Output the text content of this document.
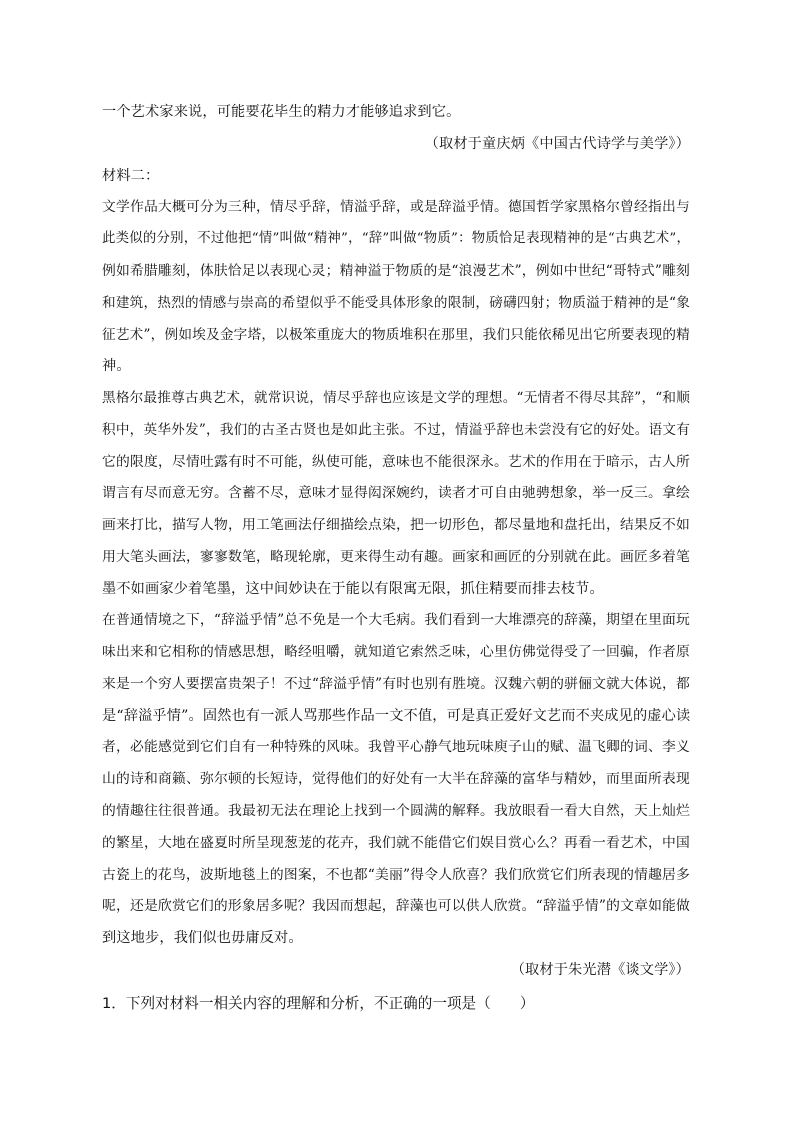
一个艺术家来说，可能要花毕生的精力才能够追求到它。
（取材于童庆炳《中国古代诗学与美学》）
材料二：
文学作品大概可分为三种，情尽乎辞，情溢乎辞，或是辞溢乎情。德国哲学家黑格尔曾经指出与
此类似的分别，不过他把“情”叫做“精神”，“辞”叫做“物质”：物质恰足表现精神的是“古典艺术”，
例如希腊雕刻，体肤恰足以表现心灵；精神溢于物质的是“浪漫艺术”，例如中世纪“哥特式”雕刻
和建筑，热烈的情感与崇高的希望似乎不能受具体形象的限制，磅礴四射；物质溢于精神的是“象
征艺术”，例如埃及金字塔，以极笨重庞大的物质堆积在那里，我们只能依稀见出它所要表现的精
神。
黑格尔最推尊古典艺术，就常识说，情尽乎辞也应该是文学的理想。“无情者不得尽其辞”，“和顺
积中，英华外发”，我们的古圣古贤也是如此主张。不过，情溢乎辞也未尝没有它的好处。语文有
它的限度，尽情吐露有时不可能，纵使可能，意味也不能很深永。艺术的作用在于暗示，古人所
谓言有尽而意无穷。含蓄不尽，意味才显得闳深婉约，读者才可自由驰骋想象，举一反三。拿绘
画来打比，描写人物，用工笔画法仔细描绘点染，把一切形色，都尽量地和盘托出，结果反不如
用大笔头画法，寥寥数笔，略现轮廓，更来得生动有趣。画家和画匠的分别就在此。画匠多着笔
墨不如画家少着笔墨，这中间妙诀在于能以有限寓无限，抓住精要而排去枝节。
在普通情境之下，“辞溢乎情”总不免是一个大毛病。我们看到一大堆漂亮的辞藻，期望在里面玩
味出来和它相称的情感思想，略经咀嚼，就知道它索然乏味，心里仿佛觉得受了一回骗，作者原
来是一个穷人要摆富贵架子！不过“辞溢乎情”有时也别有胜境。汉魏六朝的骈俪文就大体说，都
是“辞溢乎情”。固然也有一派人骂那些作品一文不值，可是真正爱好文艺而不夹成见的虚心读
者，必能感觉到它们自有一种特殊的风味。我曾平心静气地玩味庾子山的赋、温飞卿的词、李义
山的诗和商籁、弥尔顿的长短诗，觉得他们的好处有一大半在辞藻的富华与精妙，而里面所表现
的情趣往往很普通。我最初无法在理论上找到一个圆满的解释。我放眼看一看大自然，天上灿烂
的繁星，大地在盛夏时所呈现葱茏的花卉，我们就不能借它们娱目赏心么？再看一看艺术，中国
古瓷上的花鸟，波斯地毯上的图案，不也都“美丽”得令人欣喜？我们欣赏它们所表现的情趣居多
呢，还是欣赏它们的形象居多呢？我因而想起，辞藻也可以供人欣赏。“辞溢乎情”的文章如能做
到这地步，我们似也毋庸反对。
（取材于朱光潜《谈文学》）
1．下列对材料一相关内容的理解和分析，不正确的一项是（　　）
